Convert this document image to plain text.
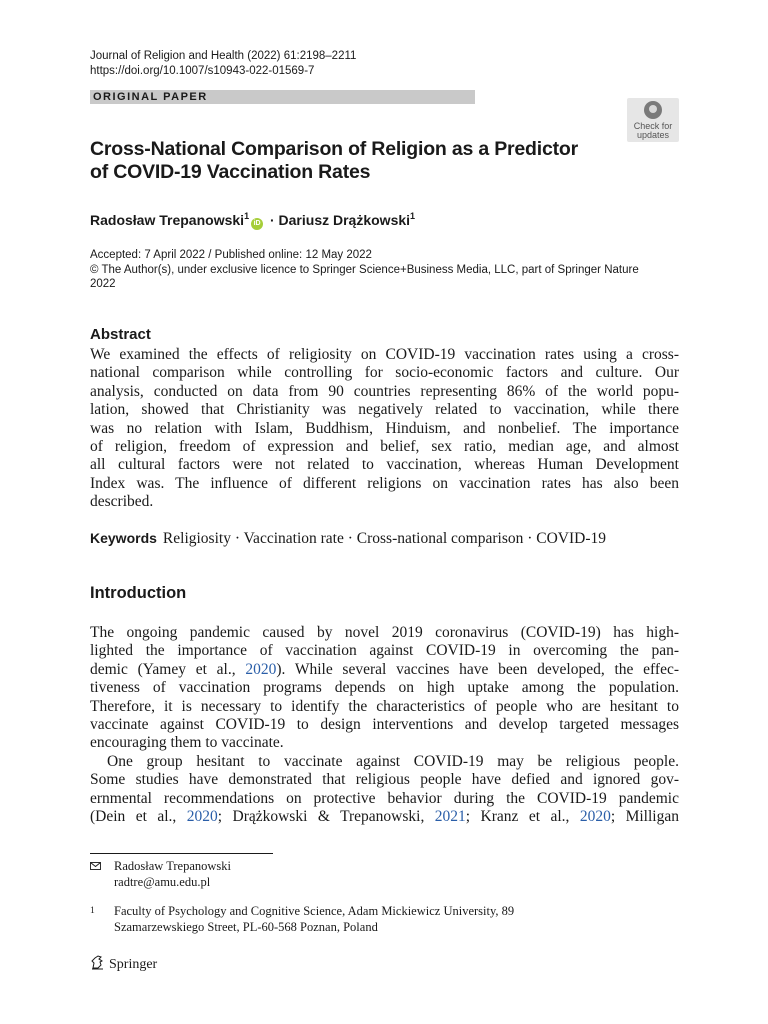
Journal of Religion and Health (2022) 61:2198–2211
https://doi.org/10.1007/s10943-022-01569-7
ORIGINAL PAPER
Check for
updates
Cross-National Comparison of Religion as a Predictor
of COVID-19 Vaccination Rates
Radosław Trepanowski$^1$iD · Dariusz Drążkowski$^1$
Accepted: 7 April 2022 / Published online: 12 May 2022
© The Author(s), under exclusive licence to Springer Science+Business Media, LLC, part of Springer Nature
2022
Abstract
We examined the effects of religiosity on COVID-19 vaccination rates using a cross-
national comparison while controlling for socio-economic factors and culture. Our
analysis, conducted on data from 90 countries representing 86% of the world popu-
lation, showed that Christianity was negatively related to vaccination, while there
was no relation with Islam, Buddhism, Hinduism, and nonbelief. The importance
of religion, freedom of expression and belief, sex ratio, median age, and almost
all cultural factors were not related to vaccination, whereas Human Development
Index was. The influence of different religions on vaccination rates has also been
described.
Keywords Religiosity · Vaccination rate · Cross-national comparison · COVID-19
Introduction
The ongoing pandemic caused by novel 2019 coronavirus (COVID-19) has high-
lighted the importance of vaccination against COVID-19 in overcoming the pan-
demic (Yamey et al., 2020). While several vaccines have been developed, the effec-
tiveness of vaccination programs depends on high uptake among the population.
Therefore, it is necessary to identify the characteristics of people who are hesitant to
vaccinate against COVID-19 to design interventions and develop targeted messages
encouraging them to vaccinate.
One group hesitant to vaccinate against COVID-19 may be religious people.
Some studies have demonstrated that religious people have defied and ignored gov-
ernmental recommendations on protective behavior during the COVID-19 pandemic
(Dein et al., 2020; Drążkowski & Trepanowski, 2021; Kranz et al., 2020; Milligan
Radosław Trepanowski
radtre@amu.edu.pl
1 Faculty of Psychology and Cognitive Science, Adam Mickiewicz University, 89
Szamarzewskiego Street, PL-60-568 Poznan, Poland
Springer
